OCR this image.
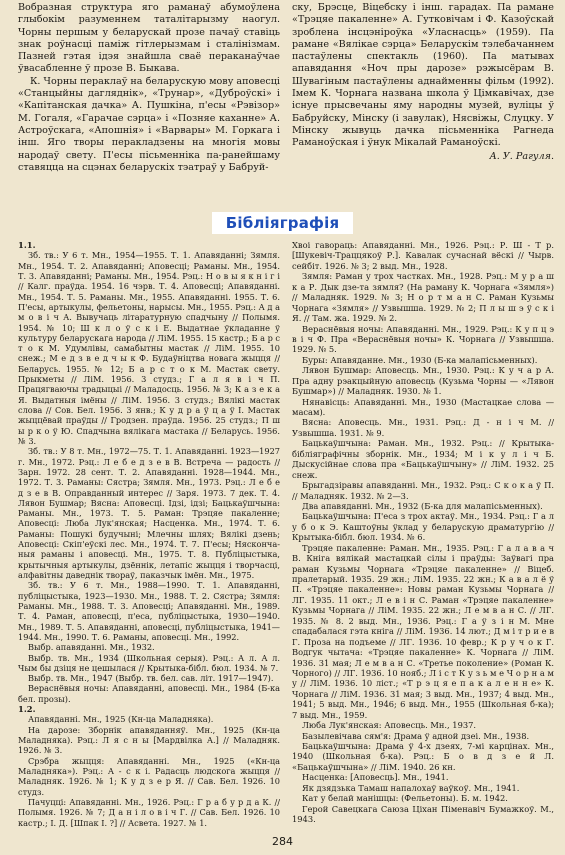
Вобразная структура яго раманаў абумоўлена глыбокім разуменнем таталітарызму наогул. Чорны першым у беларускай прозе пачаў ставіць знак роўнасці паміж гітлерызмам і сталінізмам. Пазней гэтая ідэя знайшла сваё пераканаўчае ўвасабленне ў прозе В. Быкава.

К. Чорны пераклаў на беларускую мову аповесці «Станцыйны дагляднік», «Трунар», «Дуброўскі» і «Капітанская дачка» А. Пушкіна, п'есы «Рэвізор» М. Гогаля, «Гарачае сэрца» і «Позняе каханне» А. Астроўскага, «Апошнія» і «Варвары» М. Горкага і інш. Яго творы перакладзены на многія мовы народаў свету. П'есы пісьменніка па-ранейшаму ставяцца на сцэнах беларускіх тэатраў у Бабруй-

ску, Брэсце, Віцебску і інш. гарадах. Па рамане «Трэцяе пакаленне» А. Гутковічам і Ф. Казоўскай зроблена інсцэніроўка «Уласнасць» (1959). Па рамане «Вялікае сэрца» Беларускім тэлебачаннем пастаўлены спектакль (1960). Па матывах апавядання «Ноч пры дарозе» рэжысёрам В. Шувагіным пастаўлены аднайменны фільм (1992). Імем К. Чорнага названа школа ў Цімкавічах, дзе існуе прысвечаны яму народны музей, вуліцы ў Бабруйску, Мінску (і завулак), Нясвіжы, Слуцку. У Мінску жывуць дачка пісьменніка Рагнеда Раманоўская і ўнук Мікалай Раманоўскі.

А. У. Рагуля.
Бібліяграфія

1.1.

Зб. тв.: У 6 т. Мн., 1954—1955. Т. 1. Апавяданні; Зямля. Мн., 1954. Т. 2. Апавяданні; Аповесці; Раманы. Мн., 1954. Т. 3. Апавяданні; Раманы. Мн., 1954. Рэц.: Н о в ы я к н і г і // Калг. праўда. 1954. 16 чэрв. Т. 4. Аповесці; Апавяданні. Мн., 1954. Т. 5. Раманы. Мн., 1955. Апавяданні. 1955. Т. 6. П'есы, артыкулы, фельетоны, нарысы. Мн., 1955. Рэц.: А д а м о в і ч А. Вывучаць літаратурную спадчыну // Полымя. 1954. № 10; Ш к л о ў с к і Е. Выдатнае ўкладанне ў культуру беларускага народа // ЛіМ. 1955. 15 кастр.; Б а р с т о к М. Удумлівы, самабытны мастак // ЛіМ. 1955. 10 снеж.; М е д з в е д ч ы к Ф. Будаўніцтва новага жыцця // Беларусь. 1955. № 12; Б а р с т о к М. Мастак свету. Прыкметы // ЛіМ. 1956. 3 студз.; Г а л я в і ч П. Працягваючы традыцыі // Маладосць. 1956. № 3; К а з е к а Я. Выдатныя імёны // ЛіМ. 1956. 3 студз.; Вялікі мастак слова // Сов. Бел. 1956. 3 янв.; К у д р а ў ц а ў І. Мастак жыццёвай праўды // Гродзен. праўда. 1956. 25 студз.; П ш ы р к о ў Ю. Спадчына вялікага мастака // Беларусь. 1956. № 3.

Зб. тв.: У 8 т. Мн., 1972—75. Т. 1. Апавяданні. 1923—1927 г. Мн., 1972. Рэц.: Л е б е д з е в В. Встреча — радость // Зарн. 1972. 28 сент. Т. 2. Апавяданні. 1928—1944. Мн., 1972. Т. 3. Раманы: Сястра; Зямля. Мн., 1973. Рэц.: Л е б е д з е в В. Оправданный интерес // Заря. 1973. 7 дек. Т. 4. Лявон Бушмар; Вясна: Аповесці. Ідзі, ідзі; Бацькаўшчына: Раманы. Мн., 1973. Т. 5. Раман: Трэцяе пакаленне; Аповесці: Люба Лук'янская; Насценка. Мн., 1974. Т. 6. Раманы: Пошукі будучыні; Млечны шлях; Вялікі дзень; Аповесці: Скіп'еўскі лес. Мн., 1974. Т. 7. П'есы; Няскончаныя раманы і аповесці. Мн., 1975. Т. 8. Публіцыстыка, крытычныя артыкулы, дзённік, летапіс жыцця і творчасці, алфавітны даведнік твораў, паказчык імён. Мн., 1975.

Зб. тв.: У 6 т. Мн., 1988—1990. Т. 1. Апавяданні, публіцыстыка, 1923—1930. Мн., 1988. Т. 2. Сястра; Зямля: Раманы. Мн., 1988. Т. 3. Аповесці; Апавяданні. Мн., 1989. Т. 4. Раман, аповесці, п'еса, публіцыстыка, 1930—1940. Мн., 1989. Т. 5. Апавяданні, аповесці, публіцыстыка, 1941—1944. Мн., 1990. Т. 6. Раманы, аповесці. Мн., 1992.

Выбр. апавяданні. Мн., 1932.

Выбр. тв. Мн., 1934 (Школьная серыя). Рэц.: А л. А л. Чым бы дзіця не цешылася // Крытыка-бібл. бюл. 1934. № 7.

Выбр. тв. Мн., 1947 (Выбр. тв. бел. сав. літ. 1917—1947).

Вераснёвыя ночы: Апавяданні, аповесці. Мн., 1984 (Б-ка бел. прозы).

1.2.

Апавяданні. Мн., 1925 (Кн-ца Маладняка).

На дарозе: Зборнік апавяданняў. Мн., 1925 (Кн-ца Маладняка). Рэц.: Л я с н ы [Мардвілка А.] // Маладняк. 1926. № 3.

Срэбра жыцця: Апавяданні. Мн., 1925 («Кн-ца Маладняка»). Рэц.: А - с к і. Радасць людскога жыцця // Маладняк. 1926. № 1; К у д з е р Я. // Сав. Бел. 1926. 10 студз.

Пачуцці: Апавяданні. Мн., 1926. Рэц.: Г р а б у р д а К. // Полымя. 1926. № 7; Д а н і л о в і ч Г. // Сав. Бел. 1926. 10 кастр.; І. Д. [Шпак І. ?] // Асвета. 1927. № 1.

Хвоі гавораць: Апавяданні. Мн., 1926. Рэц.: Р. Ш - Т р. [Шукевіч-Траццякоў Р.]. Кавалак сучаснай вёскі // Чырв. сейбіт. 1926. № 3; 2 выд. Мн., 1928.

Зямля: Раман у трох частках. Мн., 1928. Рэц.: М у р а ш к а Р. Дык дзе-та зямля? (На раману К. Чорнага «Зямля») // Маладняк. 1929. № 3; Н о р т м а н С. Раман Кузьмы Чорнага «Зямля» // Узвышша. 1929. № 2; П л ы ш э ў с к і Я. // Там. жа. 1929. № 2.

Вераснёвыя ночы: Апавяданні. Мн., 1929. Рэц.: К у п ц э в і ч Ф. Пра «Вераснёвыя ночы» К. Чорнага // Узвышша. 1929. № 5.

Буры: Апавяданне. Мн., 1930 (Б-ка малапісьменных).

Лявон Бушмар: Аповесць. Мн., 1930. Рэц.: К у ч а р А. Пра адну рэакцыйную аповесць (Кузьма Чорны — «Лявон Бушмар») // Маладняк. 1930. № 1.

Нянавісць: Апавяданні. Мн., 1930 (Мастацкае слова — масам).

Вясна: Аповесць. Мн., 1931. Рэц.: Д - н і ч М. // Узвышша. 1931. № 9.

Бацькаўшчына: Раман. Мн., 1932. Рэц.: // Крытыка-бібліяграфічны зборнік. Мн., 1934; М і к у л і ч Б. Дыскусійнае слова пра «Бацькаўшчыну» // ЛіМ. 1932. 25 снеж.

Брыгадзіравы апавяданні. Мн., 1932. Рэц.: С к о к а ў П. // Маладняк. 1932. № 2—3.

Два апавяданні. Мн., 1932 (Б-ка для малапісьменных).

Бацькаўшчына: П'еса з трох актаў. Мн., 1934. Рэц.: Г а л у б о к Э. Каштоўны ўклад у беларускую драматургію // Крытыка-бібл. бюл. 1934. № 6.

Трэцяе пакаленне: Раман. Мн., 1935. Рэц.: Г а л а в а ч В. Кніга вялікай мастацкай сілы і праўды: Заўвагі пра раман Кузьмы Чорнага «Трэцяе пакаленне» // Віцеб. пралетарый. 1935. 29 жн.; ЛіМ. 1935. 22 жн.; К а в а л ё ў П. «Трэцяе пакаленне»: Новы раман Кузьмы Чорнага // ЛГ. 1935. 11 окт.; Л е в і н С. Раман «Трэцяе пакаленне» Кузьмы Чорнага // ЛіМ. 1935. 22 жн.; Л е м в а н С. // ЛГ. 1935. № 8. 2 выд. Мн., 1936. Рэц.: Г а ў з і н М. Мне спадабалася гэта кніга // ЛіМ. 1936. 14 лют.; Д м і т р и е в Г. Проза на подъеме // ЛГ. 1936. 10 февр.; К р у ч о к Г. Водгук чытача: «Трэцяе пакаленне» К. Чорнага // ЛіМ. 1936. 31 мая; Л е м в а н С. «Третье поколение» (Роман К. Чорного) // ЛГ. 1936. 10 нояб.; Л і с т К у з ь м е Ч о р н а м у // ЛіМ. 1936. 10 ліст.; «Т р э ц я е п а к а л е н н е» К. Чорнага // ЛіМ. 1936. 31 мая; 3 выд. Мн., 1937; 4 выд. Мн., 1941; 5 выд. Мн., 1946; 6 выд. Мн., 1955 (Школьная б-ка); 7 выд. Мн., 1959.

Люба Лук'янская: Аповесць. Мн., 1937.

Базылевічава сям'я: Драма ў адной дзеі. Мн., 1938.

Бацькаўшчына: Драма ў 4-х дзеях, 7-мі карцінах. Мн., 1940 (Школьная б-ка). Рэц.: Б о в д з е й Л. «Бацькаўшчына» // ЛіМ. 1940. 26 кн.

Насценка: [Аповесць]. Мн., 1941.

Як дзядзька Тамаш напалохаў ваўкоў. Мн., 1941.

Кат у белай манішцы: (Фельетоны). Б. м. 1942.

Герой Савецкага Саюза Ціхан Піменавіч Бумажкоў. М., 1943.

284
